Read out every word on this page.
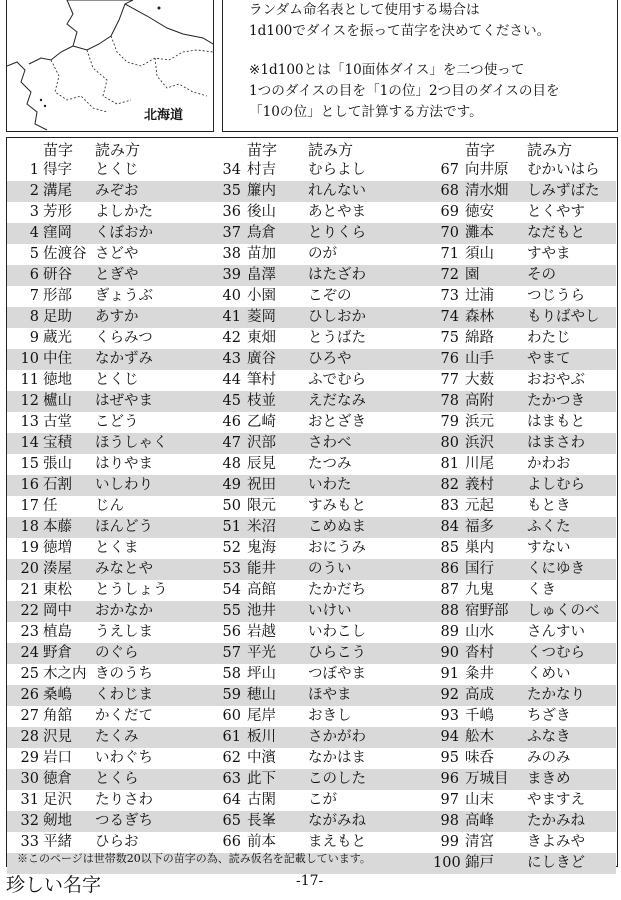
北海道

ランダム命名表として使用する場合は

1d100でダイスを振って苗字を決めてください。

※1d100とは「10面体ダイス」を二つ使って

1つのダイスの目を「1の位」2つ目のダイスの目を

「10の位」として計算する方法です。

苗字 読み方	苗字 読み方	苗字 読み方
1 得字 とくじ	34 村吉 むらよし	67 向井原 むかいはら
2 溝尾 みぞお	35 簾内 れんない	68 清水畑 しみずばた
3 芳形 よしかた	36 後山 あとやま	69 徳安 とくやす
4 窪岡 くぼおか	37 鳥倉 とりくら	70 灘本 なだもと
5 佐渡谷 さどや	38 苗加 のが	71 須山 すやま
6 研谷 とぎや	39 畠澤 はたざわ	72 園	その
7 形部 ぎょうぶ	40 小園 こぞの	73 辻浦 つじうら
8 足助 あすか	41 菱岡 ひしおか	74 森林 もりばやし
9 蔵光 くらみつ	42 東畑 とうばた	75 綿路 わたじ
10 中住 なかずみ	43 廣谷 ひろや	76 山手 やまて
11 徳地 とくじ	44 筆村 ふでむら	77 大薮 おおやぶ
12 櫨山 はぜやま	45 枝並 えだなみ	78 高附 たかつき
13 古堂 こどう	46 乙崎 おとざき	79 浜元 はまもと
14 宝積 ほうしゃく	47 沢部 さわべ	80 浜沢 はまさわ
15 張山 はりやま	48 辰見 たつみ	81 川尾 かわお
16 石割 いしわり	49 祝田 いわた	82 義村 よしむら
17 任	じん	50 限元 すみもと	83 元起 もとき
18 本藤 ほんどう	51 米沼 こめぬま	84 福多 ふくた
19 徳増 とくま	52 鬼海 おにうみ	85 巣内 すない
20 湊屋 みなとや	53 能井 のうい	86 国行 くにゆき
21 東松 とうしょう	54 高館 たかだち	87 九鬼 くき
22 岡中 おかなか	55 池井 いけい	88 宿野部 しゅくのべ
23 植島 うえしま	56 岩越 いわこし	89 山水 さんすい
24 野倉 のぐら	57 平光 ひらこう	90 沓村 くつむら
25 木之内 きのうち	58 坪山 つぼやま	91 粂井 くめい
26 桑嶋 くわじま	59 穂山 ほやま	92 高成 たかなり
27 角舘 かくだて	60 尾岸 おきし	93 千嶋 ちざき
28 沢見 たくみ	61 板川 さかがわ	94 舩木 ふなき
29 岩口 いわぐち	62 中濱 なかはま	95 味呑 みのみ
30 徳倉 とくら	63 此下 このした	96 万城目 まきめ
31 足沢 たりさわ	64 古閑 こが	97 山末 やますえ
32 剱地 つるぎち	65 長峯 ながみね	98 高峰 たかみね
33 平緒 ひらお	66 前本 まえもと	99 清宮 きよみや
100 錦戸 にしきど
※このページは世帯数20以下の苗字の為、読み仮名を記載しています。
珍しい名字	-17-
